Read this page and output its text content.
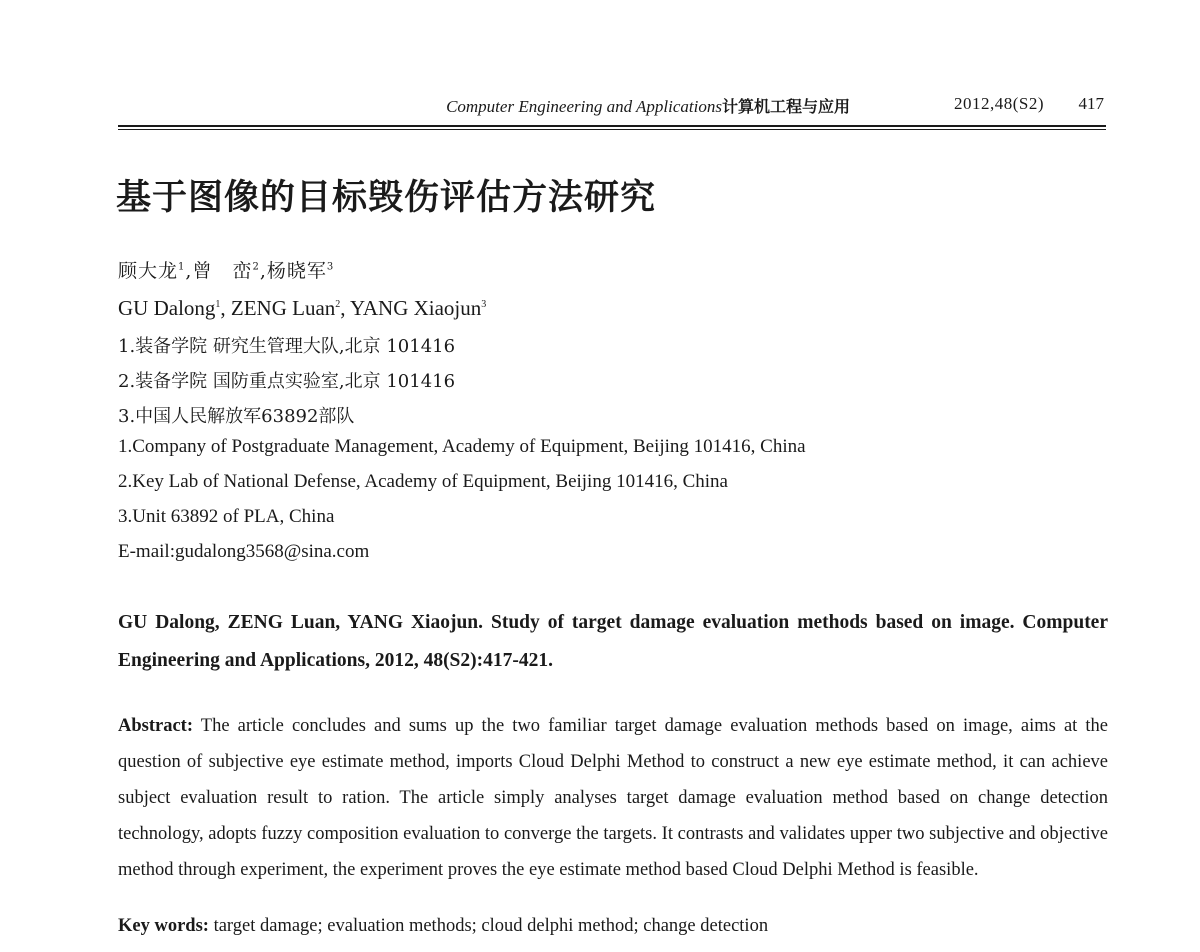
Computer Engineering and Applications计算机工程与应用	2012,48(S2) 417
基于图像的目标毁伤评估方法研究
顾大龙$^1$,曾　峦$^2$,杨晓军$^3$
GU Dalong$^1$, ZENG Luan$^2$, YANG Xiaojun$^3$
1.装备学院 研究生管理大队,北京 101416
2.装备学院 国防重点实验室,北京 101416
3.中国人民解放军63892部队
1.Company of Postgraduate Management, Academy of Equipment, Beijing 101416, China
2.Key Lab of National Defense, Academy of Equipment, Beijing 101416, China
3.Unit 63892 of PLA, China
E-mail:gudalong3568@sina.com
GU Dalong, ZENG Luan, YANG Xiaojun. Study of target damage evaluation methods based on image. Computer Engineering and Applications, 2012, 48(S2):417-421.
Abstract: The article concludes and sums up the two familiar target damage evaluation methods based on image, aims at the question of subjective eye estimate method, imports Cloud Delphi Method to construct a new eye estimate method, it can achieve subject evaluation result to ration. The article simply analyses target damage evaluation method based on change detection technology, adopts fuzzy composition evaluation to converge the targets. It contrasts and validates upper two subjective and objective method through experiment, the experiment proves the eye estimate method based Cloud Delphi Method is feasible.
Key words: target damage; evaluation methods; cloud delphi method; change detection
